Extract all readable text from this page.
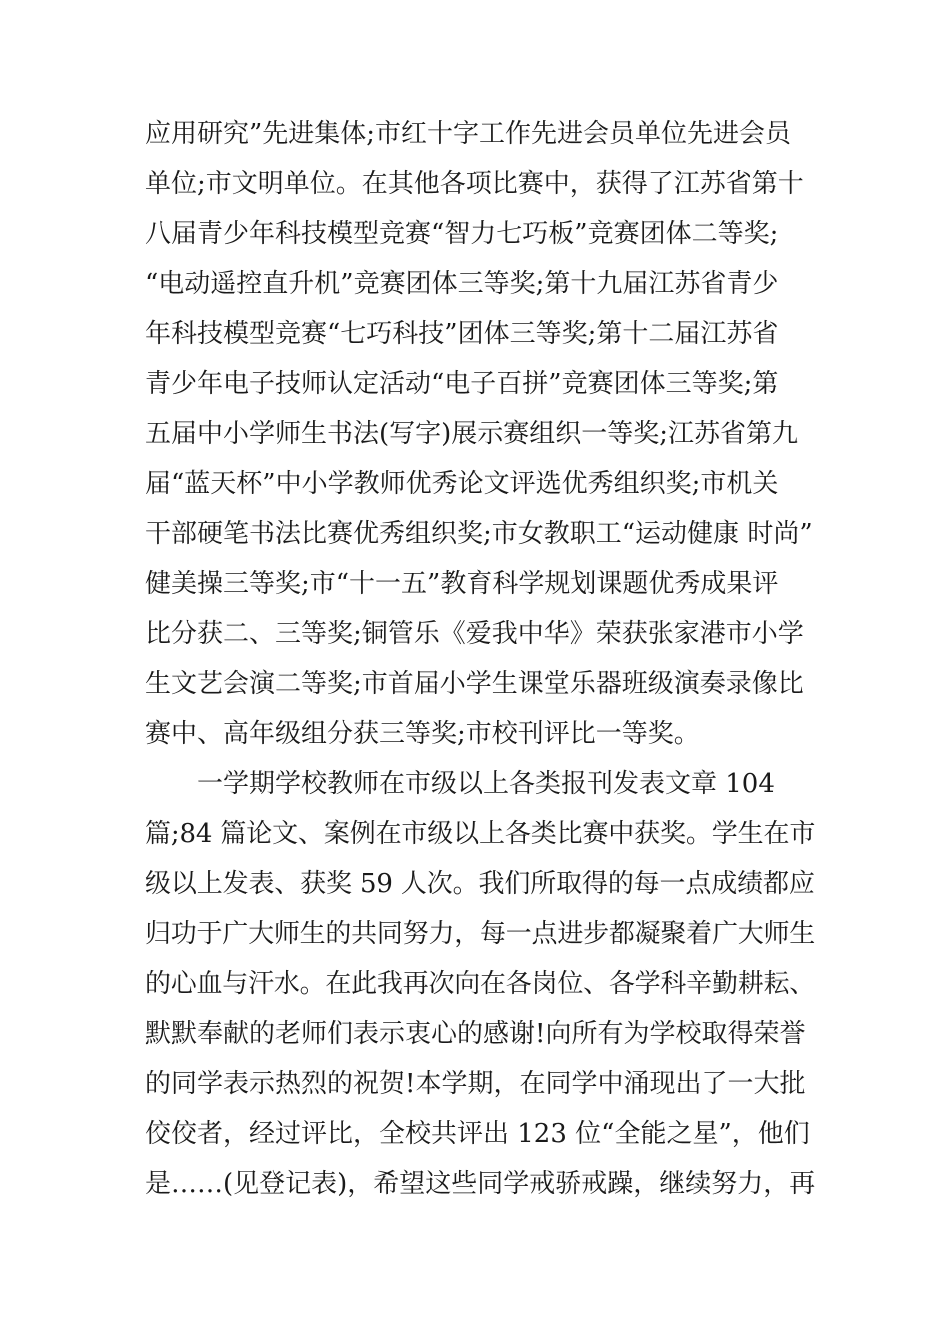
应用研究”先进集体;市红十字工作先进会员单位先进会员
单位;市文明单位。在其他各项比赛中，获得了江苏省第十
八届青少年科技模型竞赛“智力七巧板”竞赛团体二等奖;
“电动遥控直升机”竞赛团体三等奖;第十九届江苏省青少
年科技模型竞赛“七巧科技”团体三等奖;第十二届江苏省
青少年电子技师认定活动“电子百拼”竞赛团体三等奖;第
五届中小学师生书法(写字)展示赛组织一等奖;江苏省第九
届“蓝天杯”中小学教师优秀论文评选优秀组织奖;市机关
干部硬笔书法比赛优秀组织奖;市女教职工“运动健康 时尚”
健美操三等奖;市“十一五”教育科学规划课题优秀成果评
比分获二、三等奖;铜管乐《爱我中华》荣获张家港市小学
生文艺会演二等奖;市首届小学生课堂乐器班级演奏录像比
赛中、高年级组分获三等奖;市校刊评比一等奖。
　　一学期学校教师在市级以上各类报刊发表文章 104
篇;84 篇论文、案例在市级以上各类比赛中获奖。学生在市
级以上发表、获奖 59 人次。我们所取得的每一点成绩都应
归功于广大师生的共同努力，每一点进步都凝聚着广大师生
的心血与汗水。在此我再次向在各岗位、各学科辛勤耕耘、
默默奉献的老师们表示衷心的感谢!向所有为学校取得荣誉
的同学表示热烈的祝贺!本学期，在同学中涌现出了一大批
佼佼者，经过评比，全校共评出 123 位“全能之星”，他们
是……(见登记表)，希望这些同学戒骄戒躁，继续努力，再
